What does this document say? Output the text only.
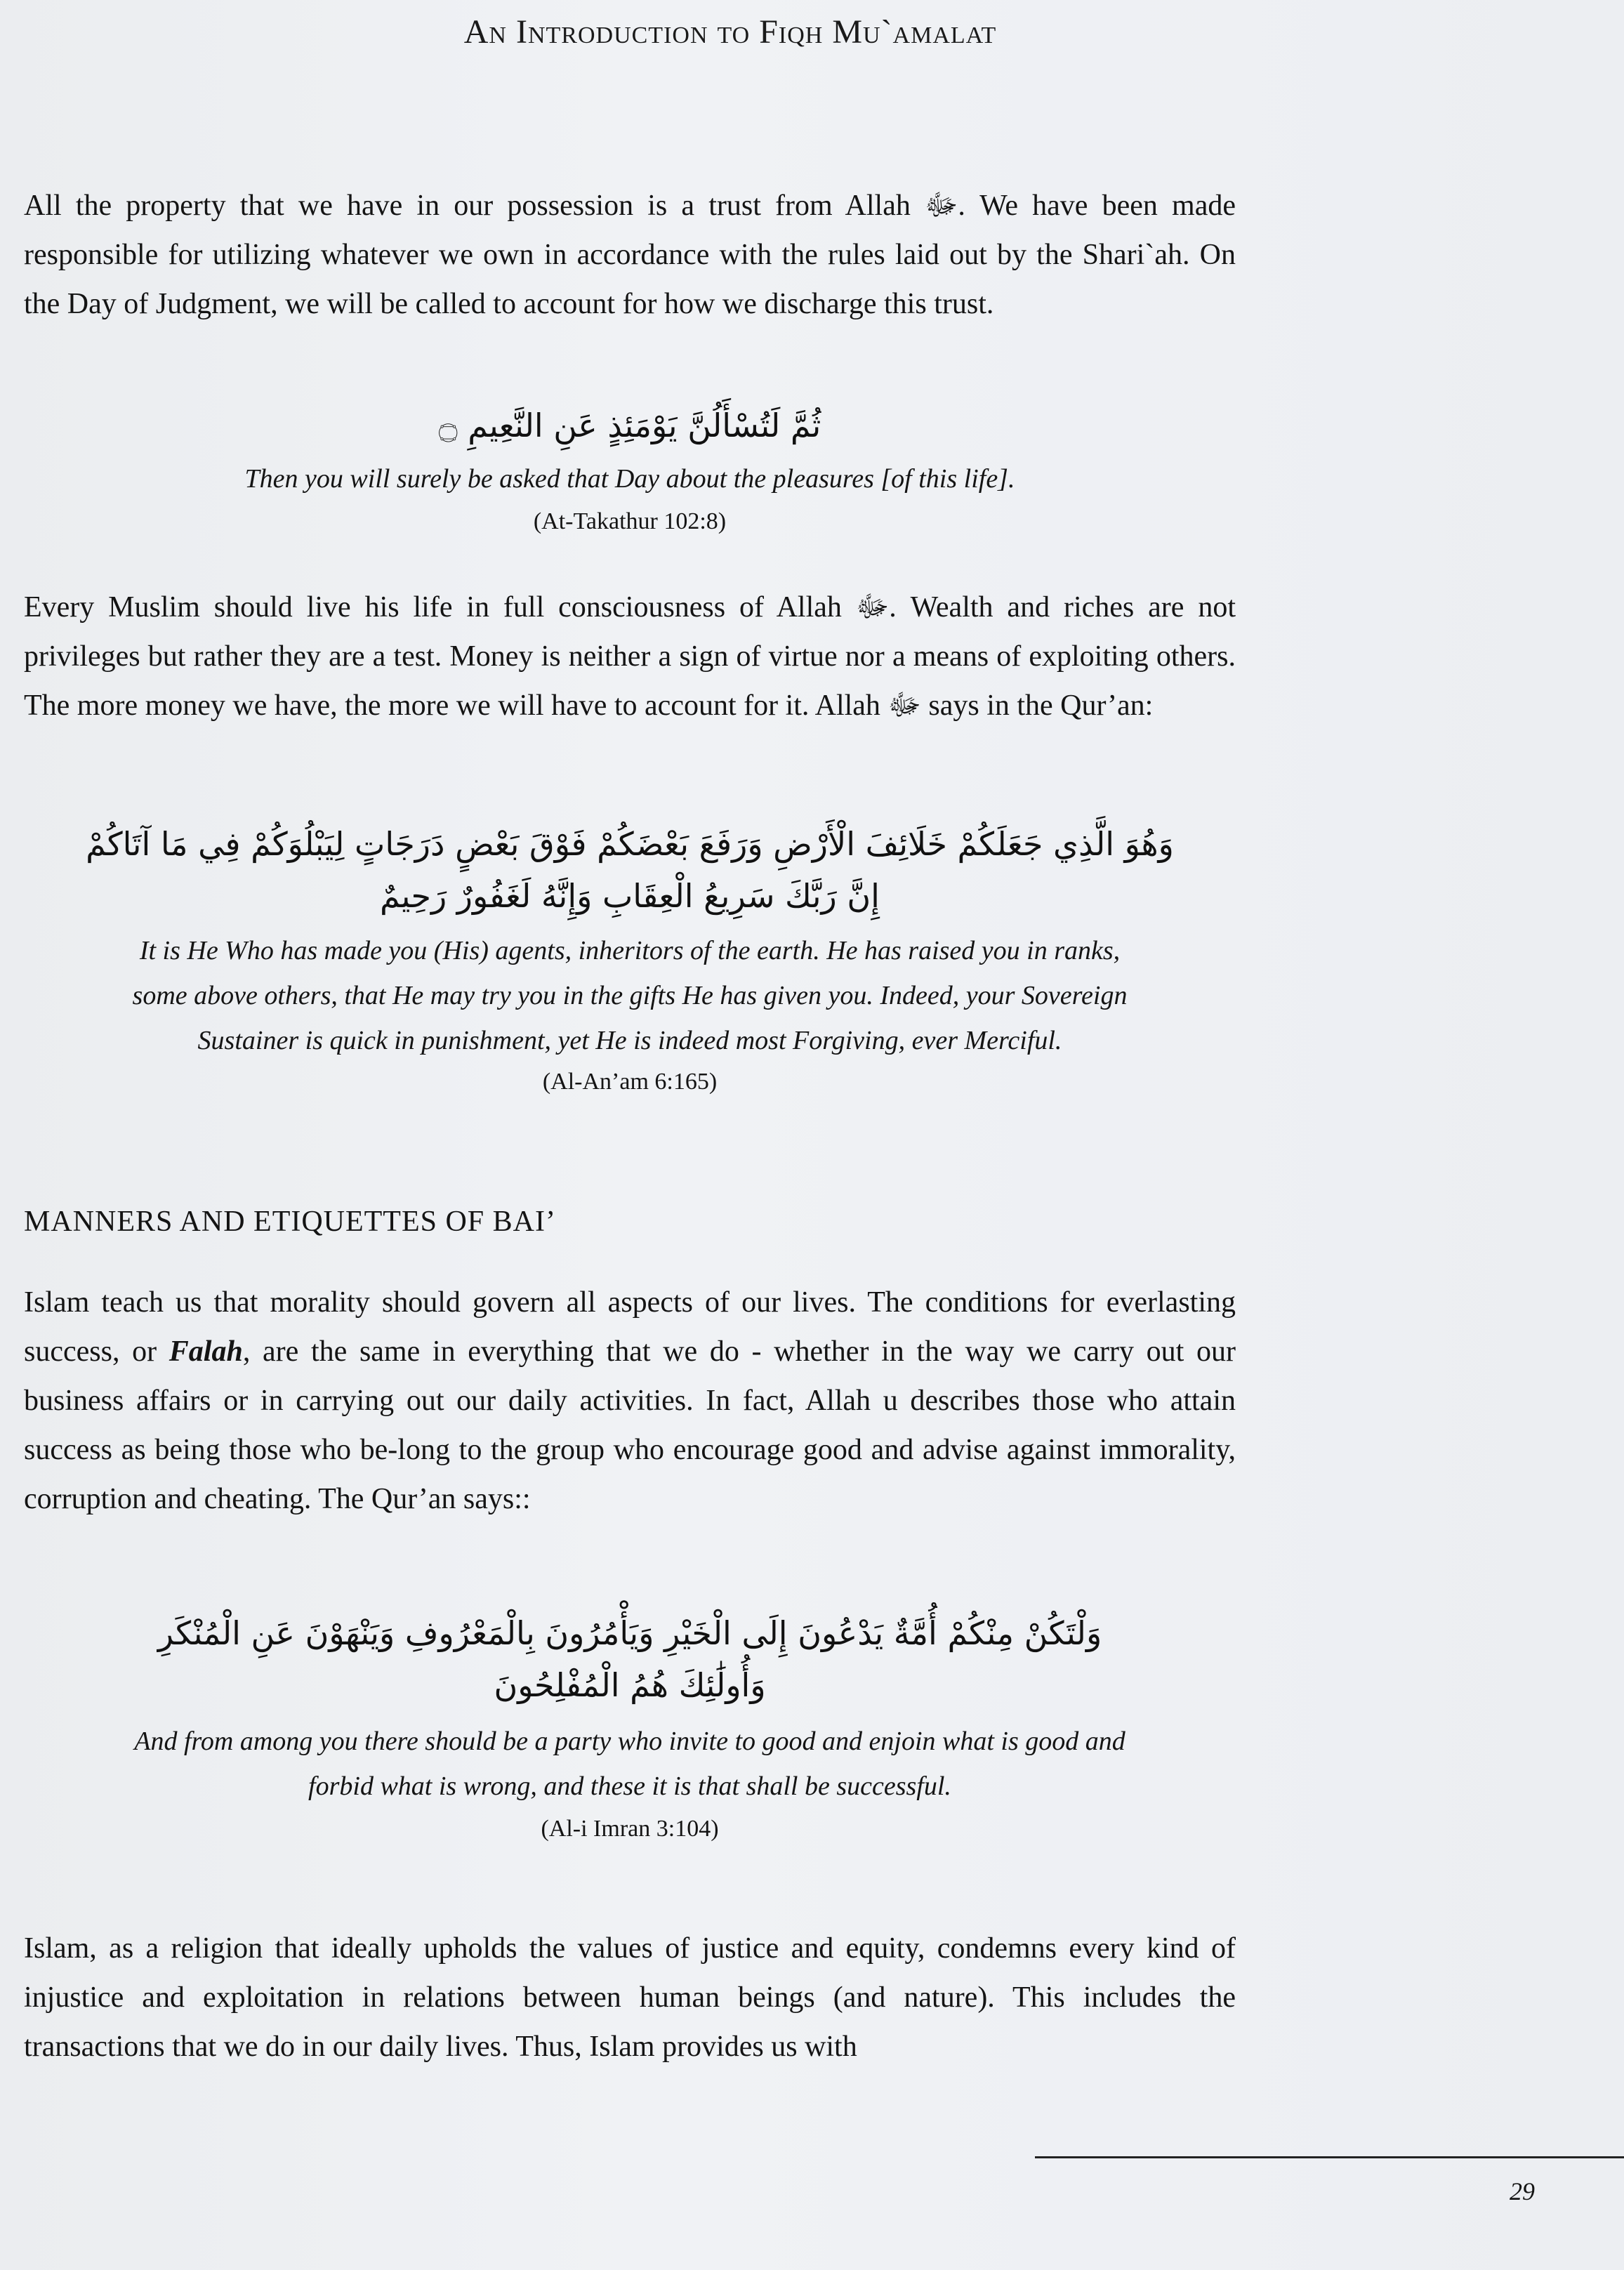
An Introduction to Fiqh Mu`amalat

All the property that we have in our possession is a trust from Allah ﷻ. We have been made responsible for utilizing whatever we own in accordance with the rules laid out by the Shari`ah. On the Day of Judgment, we will be called to account for how we discharge this trust.

ثُمَّ لَتُسْأَلُنَّ يَوْمَئِذٍ عَنِ النَّعِيمِ ۝
Then you will surely be asked that Day about the pleasures [of this life].
(At-Takathur 102:8)

Every Muslim should live his life in full consciousness of Allah ﷻ. Wealth and riches are not privileges but rather they are a test. Money is neither a sign of virtue nor a means of exploiting others. The more money we have, the more we will have to account for it. Allah ﷻ says in the Qur’an:

وَهُوَ الَّذِي جَعَلَكُمْ خَلَائِفَ الْأَرْضِ وَرَفَعَ بَعْضَكُمْ فَوْقَ بَعْضٍ دَرَجَاتٍ لِيَبْلُوَكُمْ فِي مَا آتَاكُمْ
إِنَّ رَبَّكَ سَرِيعُ الْعِقَابِ وَإِنَّهُ لَغَفُورٌ رَحِيمٌ
It is He Who has made you (His) agents, inheritors of the earth. He has raised you in ranks,
some above others, that He may try you in the gifts He has given you. Indeed, your Sovereign
Sustainer is quick in punishment, yet He is indeed most Forgiving, ever Merciful.
(Al-An’am 6:165)
MANNERS AND ETIQUETTES OF BAI’

Islam teach us that morality should govern all aspects of our lives. The conditions for everlasting success, or Falah, are the same in everything that we do - whether in the way we carry out our business affairs or in carrying out our daily activities. In fact, Allah u describes those who attain success as being those who be-long to the group who encourage good and advise against immorality, corruption and cheating. The Qur’an says::

وَلْتَكُنْ مِنْكُمْ أُمَّةٌ يَدْعُونَ إِلَى الْخَيْرِ وَيَأْمُرُونَ بِالْمَعْرُوفِ وَيَنْهَوْنَ عَنِ الْمُنْكَرِ
وَأُولَٰئِكَ هُمُ الْمُفْلِحُونَ
And from among you there should be a party who invite to good and enjoin what is good and
forbid what is wrong, and these it is that shall be successful.
(Al-i Imran 3:104)

Islam, as a religion that ideally upholds the values of justice and equity, condemns every kind of injustice and exploitation in relations between human beings (and nature). This includes the transactions that we do in our daily lives. Thus, Islam provides us with

29
